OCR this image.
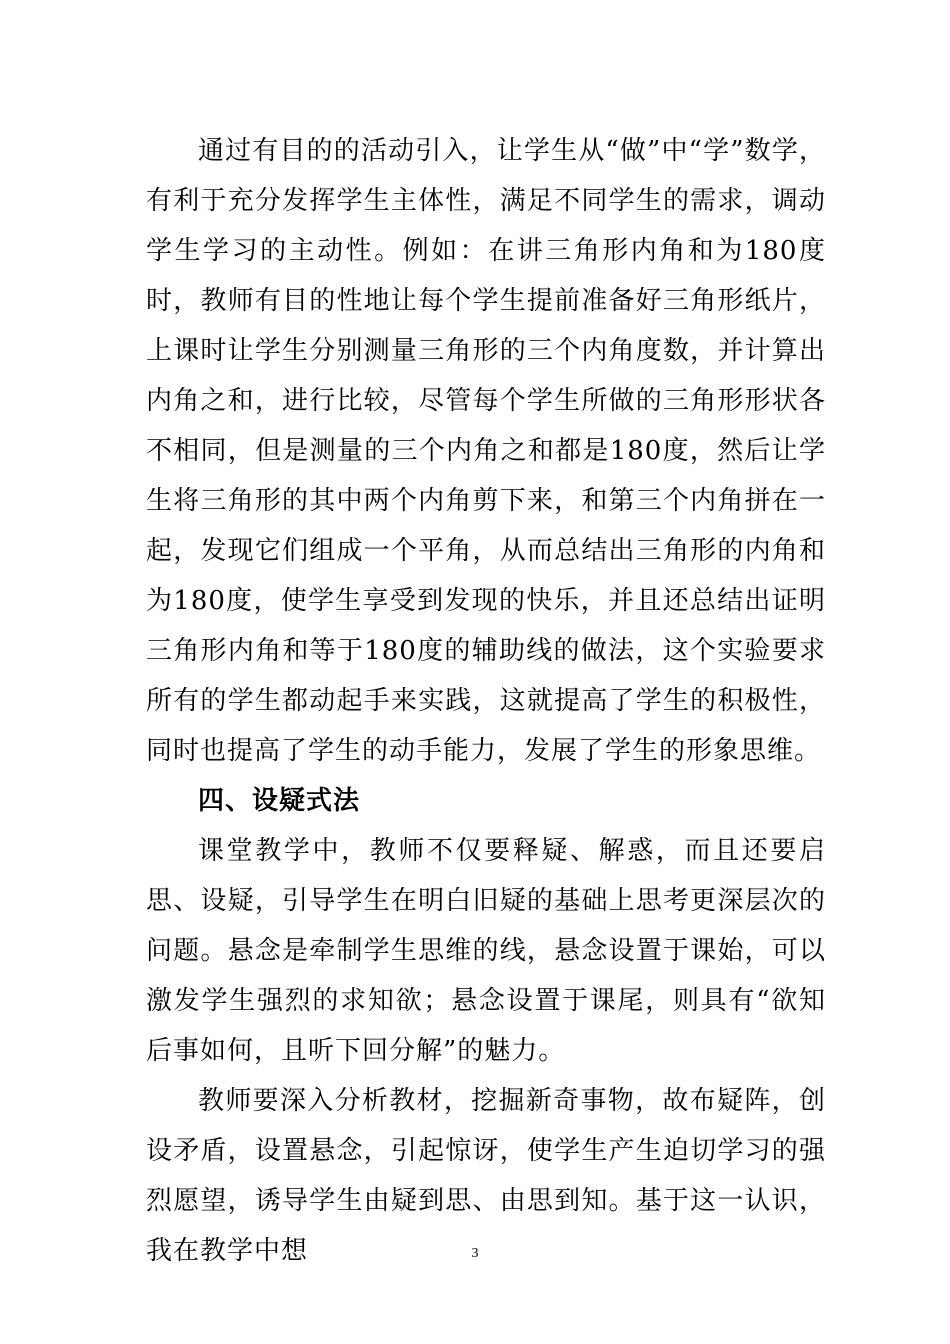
通过有目的的活动引入，让学生从“做”中“学”数学，有利于充分发挥学生主体性，满足不同学生的需求，调动学生学习的主动性。例如：在讲三角形内角和为180度时，教师有目的性地让每个学生提前准备好三角形纸片，上课时让学生分别测量三角形的三个内角度数，并计算出内角之和，进行比较，尽管每个学生所做的三角形形状各不相同，但是测量的三个内角之和都是180度，然后让学生将三角形的其中两个内角剪下来，和第三个内角拼在一起，发现它们组成一个平角，从而总结出三角形的内角和为180度，使学生享受到发现的快乐，并且还总结出证明三角形内角和等于180度的辅助线的做法，这个实验要求所有的学生都动起手来实践，这就提高了学生的积极性，同时也提高了学生的动手能力，发展了学生的形象思维。

四、设疑式法

课堂教学中，教师不仅要释疑、解惑，而且还要启思、设疑，引导学生在明白旧疑的基础上思考更深层次的问题。悬念是牵制学生思维的线，悬念设置于课始，可以激发学生强烈的求知欲；悬念设置于课尾，则具有“欲知后事如何，且听下回分解”的魅力。

教师要深入分析教材，挖掘新奇事物，故布疑阵，创设矛盾，设置悬念，引起惊讶，使学生产生迫切学习的强烈愿望，诱导学生由疑到思、由思到知。基于这一认识，我在教学中想	3
